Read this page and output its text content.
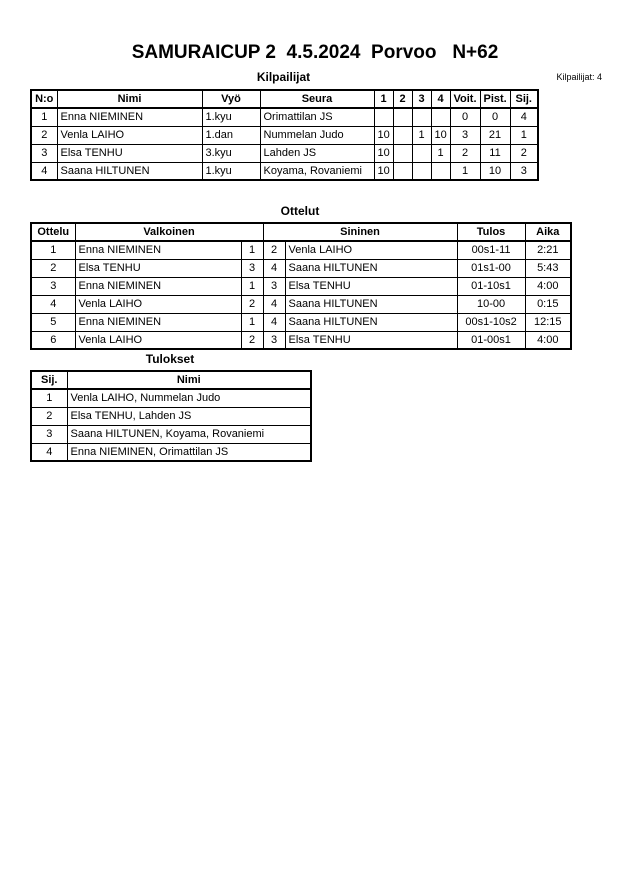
SAMURAICUP 2  4.5.2024  Porvoo   N+62
Kilpailijat	Kilpailijat: 4
N:o	Nimi	Vyö	Seura	1	2	3	4	Voit.	Pist.	Sij.
1	Enna NIEMINEN	1.kyu	Orimattilan JS					0	0	4
2	Venla LAIHO	1.dan	Nummelan Judo	10		1	10	3	21	1
3	Elsa TENHU	3.kyu	Lahden JS	10			1	2	11	2
4	Saana HILTUNEN	1.kyu	Koyama, Rovaniemi	10				1	10	3
Ottelut
Ottelu	Valkoinen		Sininen		Tulos	Aika
1	Enna NIEMINEN	1	2	Venla LAIHO	00s1-11	2:21
2	Elsa TENHU	3	4	Saana HILTUNEN	01s1-00	5:43
3	Enna NIEMINEN	1	3	Elsa TENHU	01-10s1	4:00
4	Venla LAIHO	2	4	Saana HILTUNEN	10-00	0:15
5	Enna NIEMINEN	1	4	Saana HILTUNEN	00s1-10s2	12:15
6	Venla LAIHO	2	3	Elsa TENHU	01-00s1	4:00
Tulokset
Sij.	Nimi
1	Venla LAIHO, Nummelan Judo
2	Elsa TENHU, Lahden JS
3	Saana HILTUNEN, Koyama, Rovaniemi
4	Enna NIEMINEN, Orimattilan JS
